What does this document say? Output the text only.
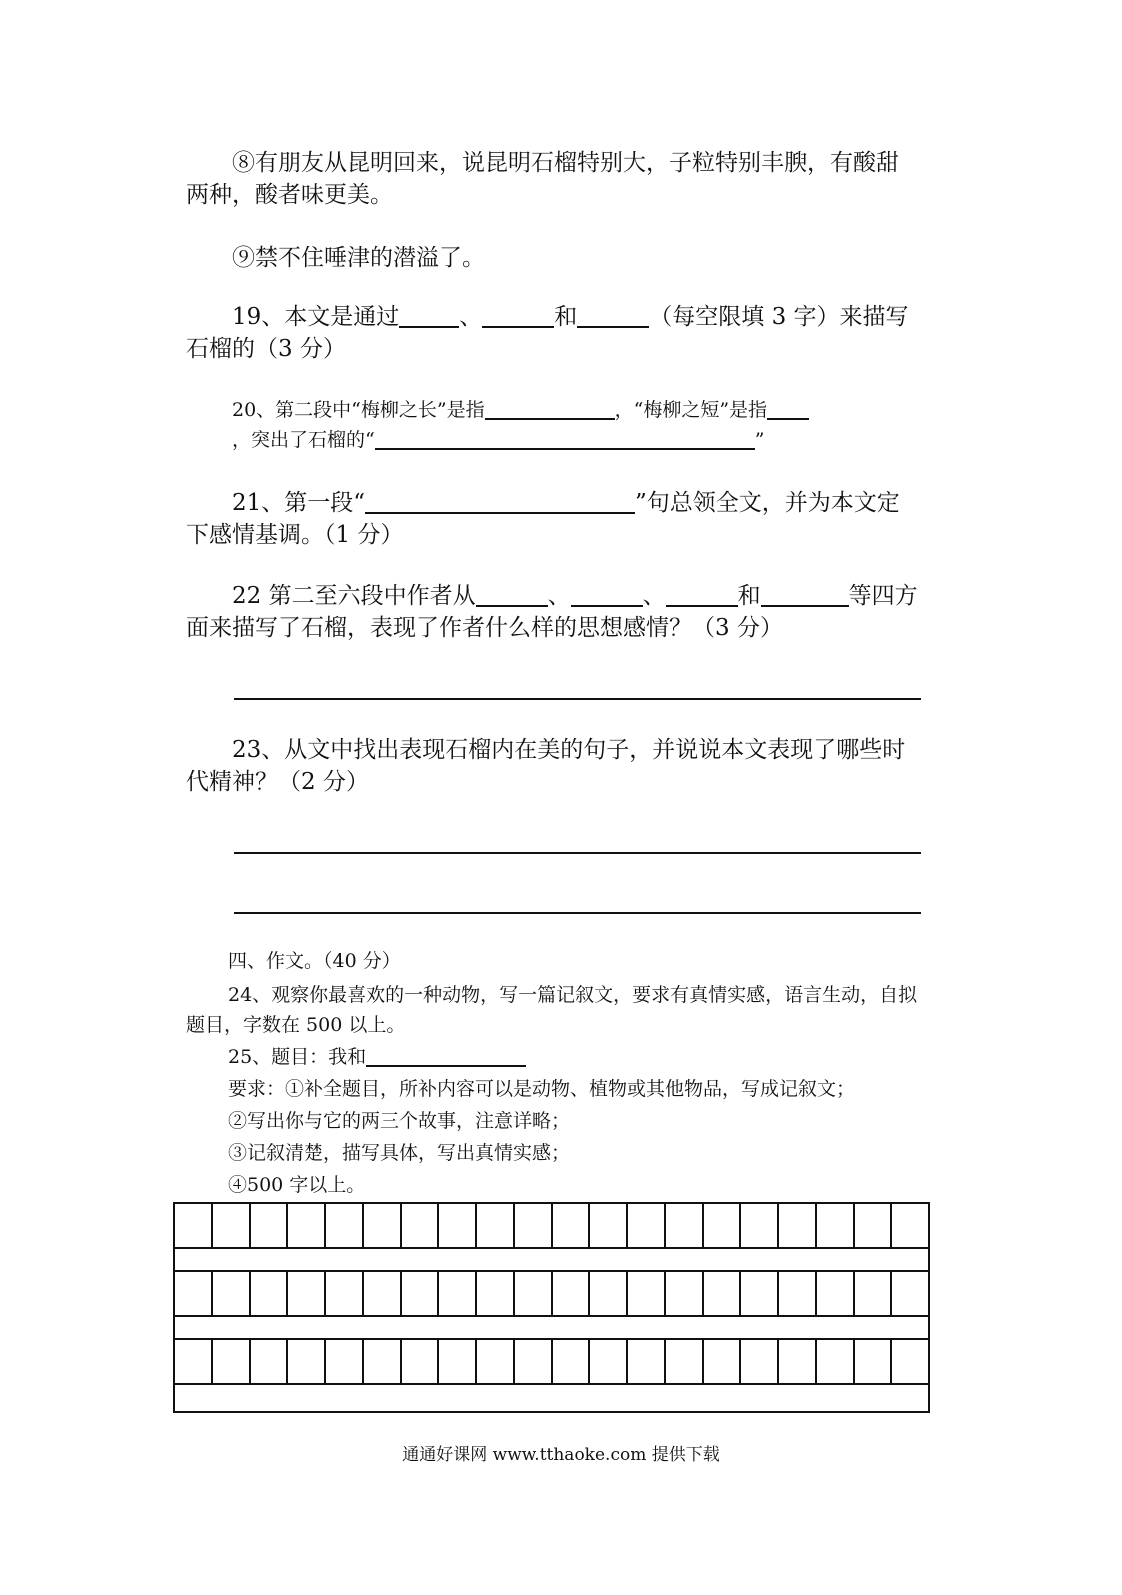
⑧有朋友从昆明回来，说昆明石榴特别大，子粒特别丰腴，有酸甜两种，酸者味更美。
⑨禁不住唾津的潜溢了。
19、本文是通过	、	和	（每空限填 3 字）来描写石榴的（3 分）
20、第二段中“梅柳之长”是指	，“梅柳之短”是指
，突出了石榴的“	”
21、第一段“	”句总领全文，并为本文定下感情基调。（1 分）
22 第二至六段中作者从	、	、	和	等四方面来描写了石榴，表现了作者什么样的思想感情？（3 分）
23、从文中找出表现石榴内在美的句子，并说说本文表现了哪些时代精神？（2 分）
四、作文。（40 分）
24、观察你最喜欢的一种动物，写一篇记叙文，要求有真情实感，语言生动，自拟题目，字数在 500 以上。
25、题目：我和
要求：①补全题目，所补内容可以是动物、植物或其他物品，写成记叙文；
②写出你与它的两三个故事，注意详略；
③记叙清楚，描写具体，写出真情实感；
④500 字以上。
通通好课网 www.tthaoke.com 提供下载
